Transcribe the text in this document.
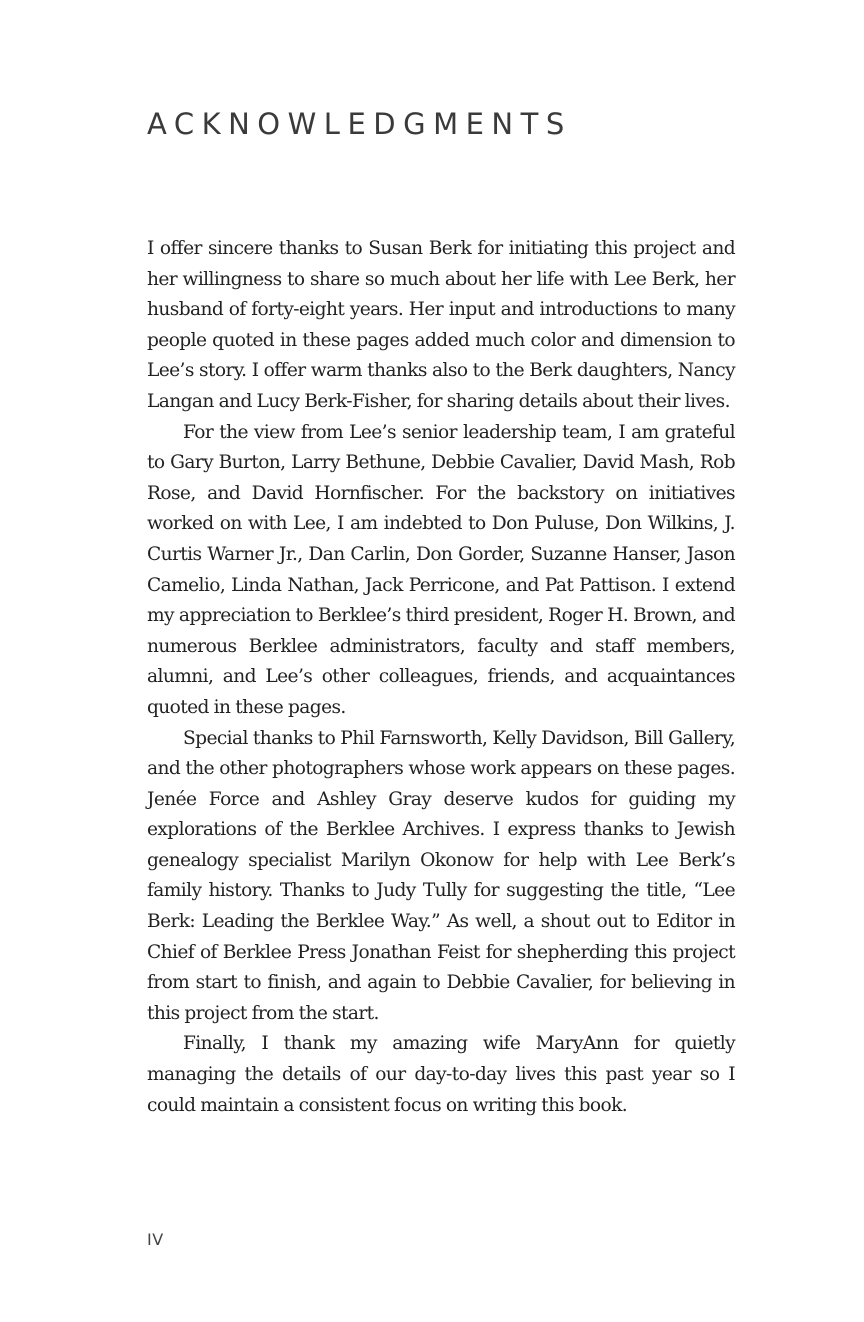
ACKNOWLEDGMENTS

I offer sincere thanks to Susan Berk for initiating this project and her willingness to share so much about her life with Lee Berk, her husband of forty-eight years. Her input and introductions to many people quoted in these pages added much color and dimension to Lee’s story. I offer warm thanks also to the Berk daughters, Nancy Langan and Lucy Berk-Fisher, for sharing details about their lives.

For the view from Lee’s senior leadership team, I am grateful to Gary Burton, Larry Bethune, Debbie Cavalier, David Mash, Rob Rose, and David Hornfischer. For the backstory on initiatives worked on with Lee, I am indebted to Don Puluse, Don Wilkins, J. Curtis Warner Jr., Dan Carlin, Don Gorder, Suzanne Hanser, Jason Camelio, Linda Nathan, Jack Perricone, and Pat Pattison. I extend my appreciation to Berklee’s third president, Roger H. Brown, and numerous Berklee administrators, faculty and staff members, alumni, and Lee’s other colleagues, friends, and acquaintances quoted in these pages.

Special thanks to Phil Farnsworth, Kelly Davidson, Bill Gallery, and the other photographers whose work appears on these pages. Jenée Force and Ashley Gray deserve kudos for guiding my explorations of the Berklee Archives. I express thanks to Jewish genealogy specialist Marilyn Okonow for help with Lee Berk’s family history. Thanks to Judy Tully for suggesting the title, “Lee Berk: Leading the Berklee Way.” As well, a shout out to Editor in Chief of Berklee Press Jonathan Feist for shepherding this project from start to finish, and again to Debbie Cavalier, for believing in this project from the start.

Finally, I thank my amazing wife MaryAnn for quietly managing the details of our day-to-day lives this past year so I could maintain a consistent focus on writing this book.

IV
